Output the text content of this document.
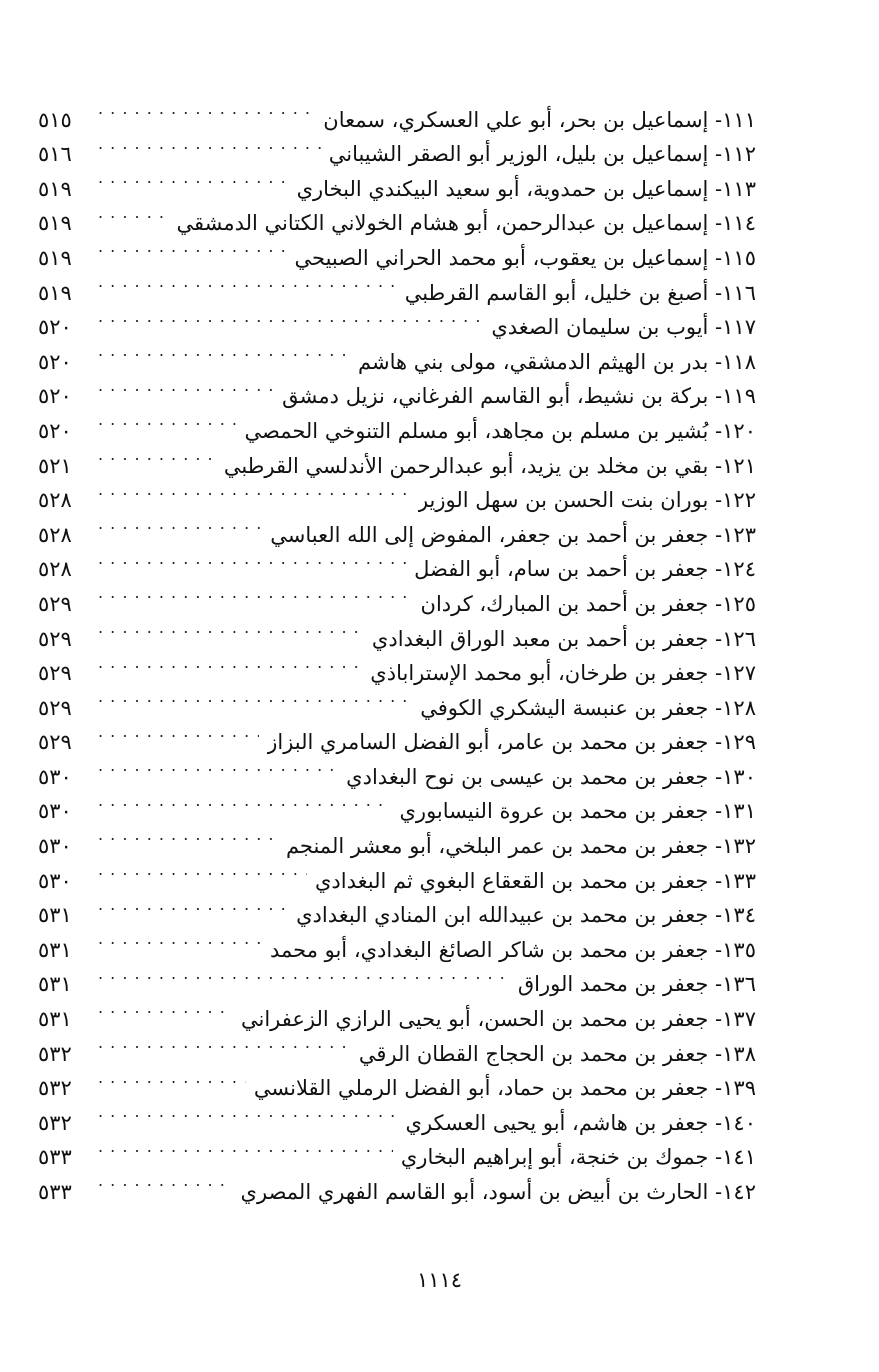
٥١٥ . . .	١١١- إسماعيل بن بحر، أبو علي العسكري، سمعان
٥١٦ . . .	١١٢- إسماعيل بن بليل، الوزير أبو الصقر الشيباني
٥١٩ . . .	١١٣- إسماعيل بن حمدوية، أبو سعيد البيكندي البخاري
٥١٩ . . .	١١٤- إسماعيل بن عبدالرحمن، أبو هشام الخولاني الكتاني الدمشقي
٥١٩ . . .	١١٥- إسماعيل بن يعقوب، أبو محمد الحراني الصبيحي
٥١٩ . . .	١١٦- أصبغ بن خليل، أبو القاسم القرطبي
٥٢٠ . . .	١١٧- أيوب بن سليمان الصغدي
٥٢٠ . . .	١١٨- بدر بن الهيثم الدمشقي، مولى بني هاشم
٥٢٠ . . .	١١٩- بركة بن نشيط، أبو القاسم الفرغاني، نزيل دمشق
٥٢٠ . . .	١٢٠- بُشير بن مسلم بن مجاهد، أبو مسلم التنوخي الحمصي
٥٢١ . . .	١٢١- بقي بن مخلد بن يزيد، أبو عبدالرحمن الأندلسي القرطبي
٥٢٨ . . .	١٢٢- بوران بنت الحسن بن سهل الوزير
٥٢٨ . . .	١٢٣- جعفر بن أحمد بن جعفر، المفوض إلى الله العباسي
٥٢٨ . . .	١٢٤- جعفر بن أحمد بن سام، أبو الفضل
٥٢٩ . . .	١٢٥- جعفر بن أحمد بن المبارك، كردان
٥٢٩ . . .	١٢٦- جعفر بن أحمد بن معبد الوراق البغدادي
٥٢٩ . . .	١٢٧- جعفر بن طرخان، أبو محمد الإستراباذي
٥٢٩ . . .	١٢٨- جعفر بن عنبسة اليشكري الكوفي
٥٢٩ . . .	١٢٩- جعفر بن محمد بن عامر، أبو الفضل السامري البزاز
٥٣٠ . . .	١٣٠- جعفر بن محمد بن عيسى بن نوح البغدادي
٥٣٠ . . .	١٣١- جعفر بن محمد بن عروة النيسابوري
٥٣٠ . . .	١٣٢- جعفر بن محمد بن عمر البلخي، أبو معشر المنجم
٥٣٠ . . .	١٣٣- جعفر بن محمد بن القعقاع البغوي ثم البغدادي
٥٣١ . . .	١٣٤- جعفر بن محمد بن عبيدالله ابن المنادي البغدادي
٥٣١ . . .	١٣٥- جعفر بن محمد بن شاكر الصائغ البغدادي، أبو محمد
٥٣١ . . .	١٣٦- جعفر بن محمد الوراق
٥٣١ . . .	١٣٧- جعفر بن محمد بن الحسن، أبو يحيى الرازي الزعفراني
٥٣٢ . . .	١٣٨- جعفر بن محمد بن الحجاج القطان الرقي
٥٣٢ . . .	١٣٩- جعفر بن محمد بن حماد، أبو الفضل الرملي القلانسي
٥٣٢ . . .	١٤٠- جعفر بن هاشم، أبو يحيى العسكري
٥٣٣ . . .	١٤١- جموك بن خنجة، أبو إبراهيم البخاري
٥٣٣ . . .	١٤٢- الحارث بن أبيض بن أسود، أبو القاسم الفهري المصري
١١١٤
